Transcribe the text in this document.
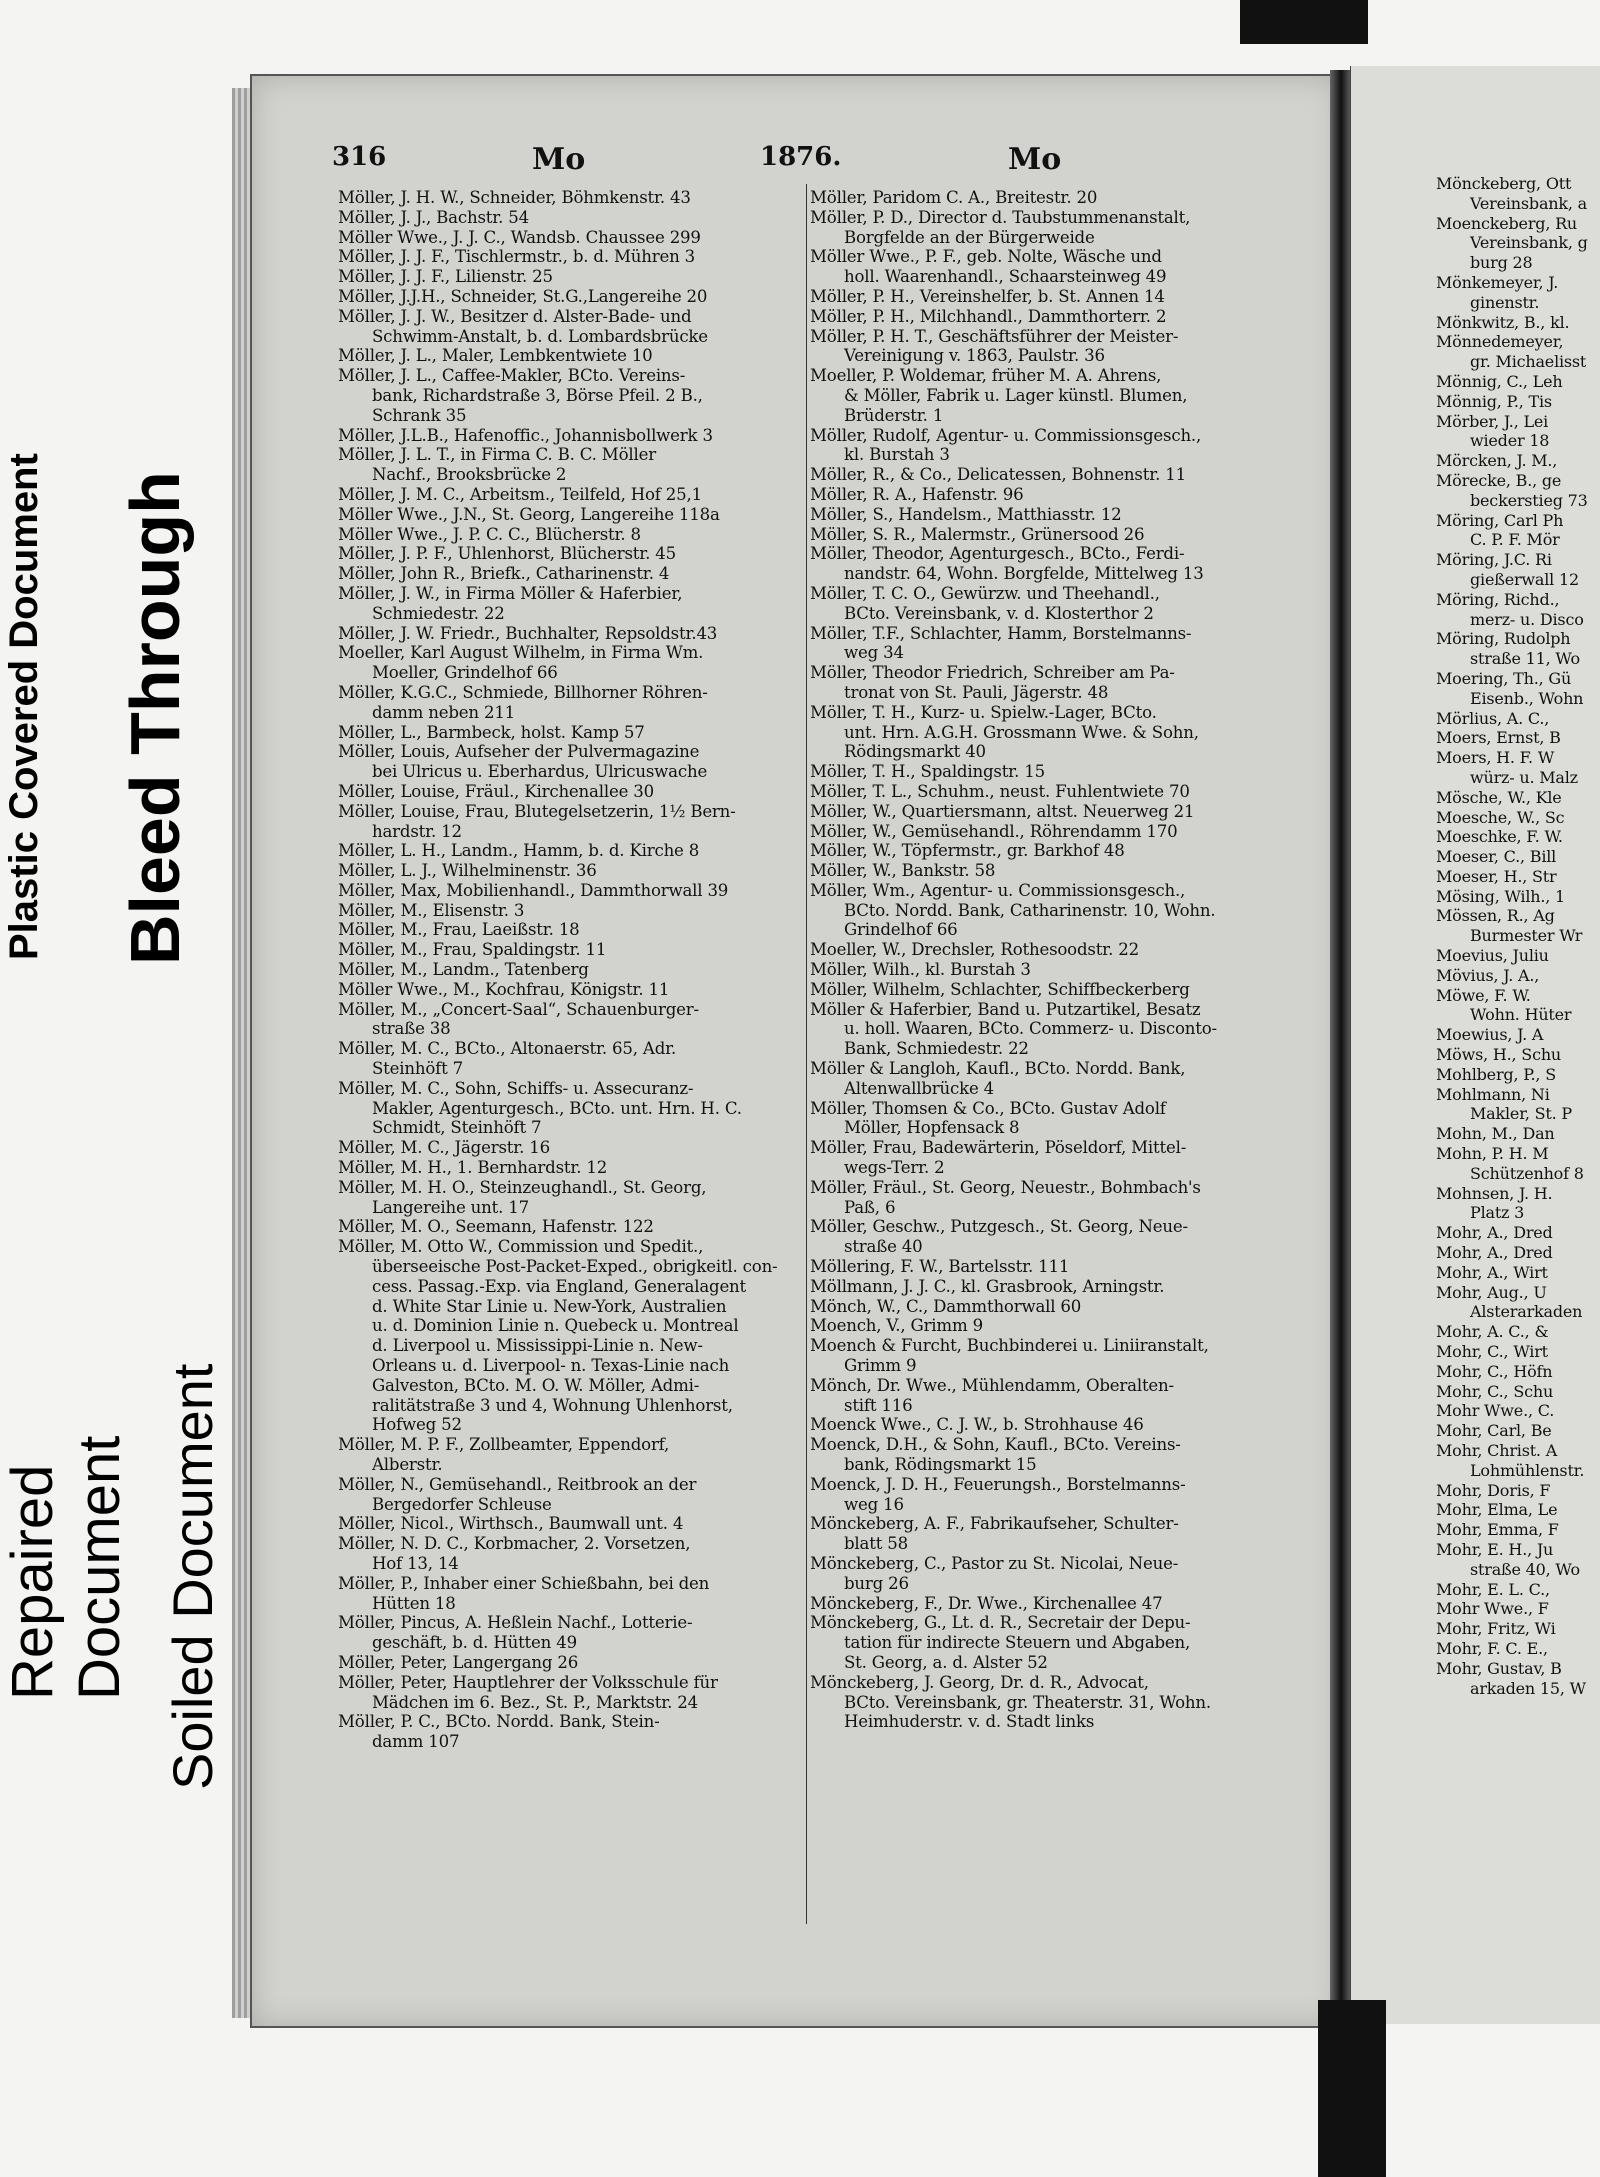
Plastic Covered Document Bleed Through
Repaired Document Soiled Document
316	Mo	1876.	Mo
Möller, J. H. W., Schneider, Böhmkenstr. 43
Möller, J. J., Bachstr. 54
Möller Wwe., J. J. C., Wandsb. Chaussee 299
Möller, J. J. F., Tischlermstr., b. d. Mühren 3
Möller, J. J. F., Lilienstr. 25
Möller, J.J.H., Schneider, St.G.,Langereihe 20
Möller, J. J. W., Besitzer d. Alster-Bade- und
Schwimm-Anstalt, b. d. Lombardsbrücke
Möller, J. L., Maler, Lembkentwiete 10
Möller, J. L., Caffee-Makler, BCto. Vereins-
bank, Richardstraße 3, Börse Pfeil. 2 B.,
Schrank 35
Möller, J.L.B., Hafenoffic., Johannisbollwerk 3
Möller, J. L. T., in Firma C. B. C. Möller
Nachf., Brooksbrücke 2
Möller, J. M. C., Arbeitsm., Teilfeld, Hof 25,1
Möller Wwe., J.N., St. Georg, Langereihe 118a
Möller Wwe., J. P. C. C., Blücherstr. 8
Möller, J. P. F., Uhlenhorst, Blücherstr. 45
Möller, John R., Briefk., Catharinenstr. 4
Möller, J. W., in Firma Möller & Haferbier,
Schmiedestr. 22
Möller, J. W. Friedr., Buchhalter, Repsoldstr.43
Moeller, Karl August Wilhelm, in Firma Wm.
Moeller, Grindelhof 66
Möller, K.G.C., Schmiede, Billhorner Röhren-
damm neben 211
Möller, L., Barmbeck, holst. Kamp 57
Möller, Louis, Aufseher der Pulvermagazine
bei Ulricus u. Eberhardus, Ulricuswache
Möller, Louise, Fräul., Kirchenallee 30
Möller, Louise, Frau, Blutegelsetzerin, 1½ Bern-
hardstr. 12
Möller, L. H., Landm., Hamm, b. d. Kirche 8
Möller, L. J., Wilhelminenstr. 36
Möller, Max, Mobilienhandl., Dammthorwall 39
Möller, M., Elisenstr. 3
Möller, M., Frau, Laeißstr. 18
Möller, M., Frau, Spaldingstr. 11
Möller, M., Landm., Tatenberg
Möller Wwe., M., Kochfrau, Königstr. 11
Möller, M., „Concert-Saal“, Schauenburger-
straße 38
Möller, M. C., BCto., Altonaerstr. 65, Adr.
Steinhöft 7
Möller, M. C., Sohn, Schiffs- u. Assecuranz-
Makler, Agenturgesch., BCto. unt. Hrn. H. C.
Schmidt, Steinhöft 7
Möller, M. C., Jägerstr. 16
Möller, M. H., 1. Bernhardstr. 12
Möller, M. H. O., Steinzeughandl., St. Georg,
Langereihe unt. 17
Möller, M. O., Seemann, Hafenstr. 122
Möller, M. Otto W., Commission und Spedit.,
überseeische Post-Packet-Exped., obrigkeitl. con-
cess. Passag.-Exp. via England, Generalagent
d. White Star Linie u. New-York, Australien
u. d. Dominion Linie n. Quebeck u. Montreal
d. Liverpool u. Mississippi-Linie n. New-
Orleans u. d. Liverpool- n. Texas-Linie nach
Galveston, BCto. M. O. W. Möller, Admi-
ralitätstraße 3 und 4, Wohnung Uhlenhorst,
Hofweg 52
Möller, M. P. F., Zollbeamter, Eppendorf,
Alberstr.
Möller, N., Gemüsehandl., Reitbrook an der
Bergedorfer Schleuse
Möller, Nicol., Wirthsch., Baumwall unt. 4
Möller, N. D. C., Korbmacher, 2. Vorsetzen,
Hof 13, 14
Möller, P., Inhaber einer Schießbahn, bei den
Hütten 18
Möller, Pincus, A. Heßlein Nachf., Lotterie-
geschäft, b. d. Hütten 49
Möller, Peter, Langergang 26
Möller, Peter, Hauptlehrer der Volksschule für
Mädchen im 6. Bez., St. P., Marktstr. 24
Möller, P. C., BCto. Nordd. Bank, Stein-
damm 107
Möller, Paridom C. A., Breitestr. 20
Möller, P. D., Director d. Taubstummenanstalt,
Borgfelde an der Bürgerweide
Möller Wwe., P. F., geb. Nolte, Wäsche und
holl. Waarenhandl., Schaarsteinweg 49
Möller, P. H., Vereinshelfer, b. St. Annen 14
Möller, P. H., Milchhandl., Dammthorterr. 2
Möller, P. H. T., Geschäftsführer der Meister-
Vereinigung v. 1863, Paulstr. 36
Moeller, P. Woldemar, früher M. A. Ahrens,
& Möller, Fabrik u. Lager künstl. Blumen,
Brüderstr. 1
Möller, Rudolf, Agentur- u. Commissionsgesch.,
kl. Burstah 3
Möller, R., & Co., Delicatessen, Bohnenstr. 11
Möller, R. A., Hafenstr. 96
Möller, S., Handelsm., Matthiasstr. 12
Möller, S. R., Malermstr., Grünersood 26
Möller, Theodor, Agenturgesch., BCto., Ferdi-
nandstr. 64, Wohn. Borgfelde, Mittelweg 13
Möller, T. C. O., Gewürzw. und Theehandl.,
BCto. Vereinsbank, v. d. Klosterthor 2
Möller, T.F., Schlachter, Hamm, Borstelmanns-
weg 34
Möller, Theodor Friedrich, Schreiber am Pa-
tronat von St. Pauli, Jägerstr. 48
Möller, T. H., Kurz- u. Spielw.-Lager, BCto.
unt. Hrn. A.G.H. Grossmann Wwe. & Sohn,
Rödingsmarkt 40
Möller, T. H., Spaldingstr. 15
Möller, T. L., Schuhm., neust. Fuhlentwiete 70
Möller, W., Quartiersmann, altst. Neuerweg 21
Möller, W., Gemüsehandl., Röhrendamm 170
Möller, W., Töpfermstr., gr. Barkhof 48
Möller, W., Bankstr. 58
Möller, Wm., Agentur- u. Commissionsgesch.,
BCto. Nordd. Bank, Catharinenstr. 10, Wohn.
Grindelhof 66
Moeller, W., Drechsler, Rothesoodstr. 22
Möller, Wilh., kl. Burstah 3
Möller, Wilhelm, Schlachter, Schiffbeckerberg
Möller & Haferbier, Band u. Putzartikel, Besatz
u. holl. Waaren, BCto. Commerz- u. Disconto-
Bank, Schmiedestr. 22
Möller & Langloh, Kaufl., BCto. Nordd. Bank,
Altenwallbrücke 4
Möller, Thomsen & Co., BCto. Gustav Adolf
Möller, Hopfensack 8
Möller, Frau, Badewärterin, Pöseldorf, Mittel-
wegs-Terr. 2
Möller, Fräul., St. Georg, Neuestr., Bohmbach's
Paß, 6
Möller, Geschw., Putzgesch., St. Georg, Neue-
straße 40
Möllering, F. W., Bartelsstr. 111
Möllmann, J. J. C., kl. Grasbrook, Arningstr.
Mönch, W., C., Dammthorwall 60
Moench, V., Grimm 9
Moench & Furcht, Buchbinderei u. Liniiranstalt,
Grimm 9
Mönch, Dr. Wwe., Mühlendamm, Oberalten-
stift 116
Moenck Wwe., C. J. W., b. Strohhause 46
Moenck, D.H., & Sohn, Kaufl., BCto. Vereins-
bank, Rödingsmarkt 15
Moenck, J. D. H., Feuerungsh., Borstelmanns-
weg 16
Mönckeberg, A. F., Fabrikaufseher, Schulter-
blatt 58
Mönckeberg, C., Pastor zu St. Nicolai, Neue-
burg 26
Mönckeberg, F., Dr. Wwe., Kirchenallee 47
Mönckeberg, G., Lt. d. R., Secretair der Depu-
tation für indirecte Steuern und Abgaben,
St. Georg, a. d. Alster 52
Mönckeberg, J. Georg, Dr. d. R., Advocat,
BCto. Vereinsbank, gr. Theaterstr. 31, Wohn.
Heimhuderstr. v. d. Stadt links
Mönckeberg, Ott
Vereinsbank, a
Moenckeberg, Ru
Vereinsbank, g
burg 28
Mönkemeyer, J.
ginenstr.
Mönkwitz, B., kl.
Mönnedemeyer,
gr. Michaelisst
Mönnig, C., Leh
Mönnig, P., Tis
Mörber, J., Lei
wieder 18
Mörcken, J. M.,
Mörecke, B., ge
beckerstieg 73
Möring, Carl Ph
C. P. F. Mör
Möring, J.C. Ri
gießerwall 12
Möring, Richd.,
merz- u. Disco
Möring, Rudolph
straße 11, Wo
Moering, Th., Gü
Eisenb., Wohn
Mörlius, A. C.,
Moers, Ernst, B
Moers, H. F. W
würz- u. Malz
Mösche, W., Kle
Moesche, W., Sc
Moeschke, F. W.
Moeser, C., Bill
Moeser, H., Str
Mösing, Wilh., 1
Mössen, R., Ag
Burmester Wr
Moevius, Juliu
Mövius, J. A.,
Möwe, F. W.
Wohn. Hüter
Moewius, J. A
Möws, H., Schu
Mohlberg, P., S
Mohlmann, Ni
Makler, St. P
Mohn, M., Dan
Mohn, P. H. M
Schützenhof 8
Mohnsen, J. H.
Platz 3
Mohr, A., Dred
Mohr, A., Dred
Mohr, A., Wirt
Mohr, Aug., U
Alsterarkaden
Mohr, A. C., &
Mohr, C., Wirt
Mohr, C., Höfn
Mohr, C., Schu
Mohr Wwe., C.
Mohr, Carl, Be
Mohr, Christ. A
Lohmühlenstr.
Mohr, Doris, F
Mohr, Elma, Le
Mohr, Emma, F
Mohr, E. H., Ju
straße 40, Wo
Mohr, E. L. C.,
Mohr Wwe., F
Mohr, Fritz, Wi
Mohr, F. C. E.,
Mohr, Gustav, B
arkaden 15, W
